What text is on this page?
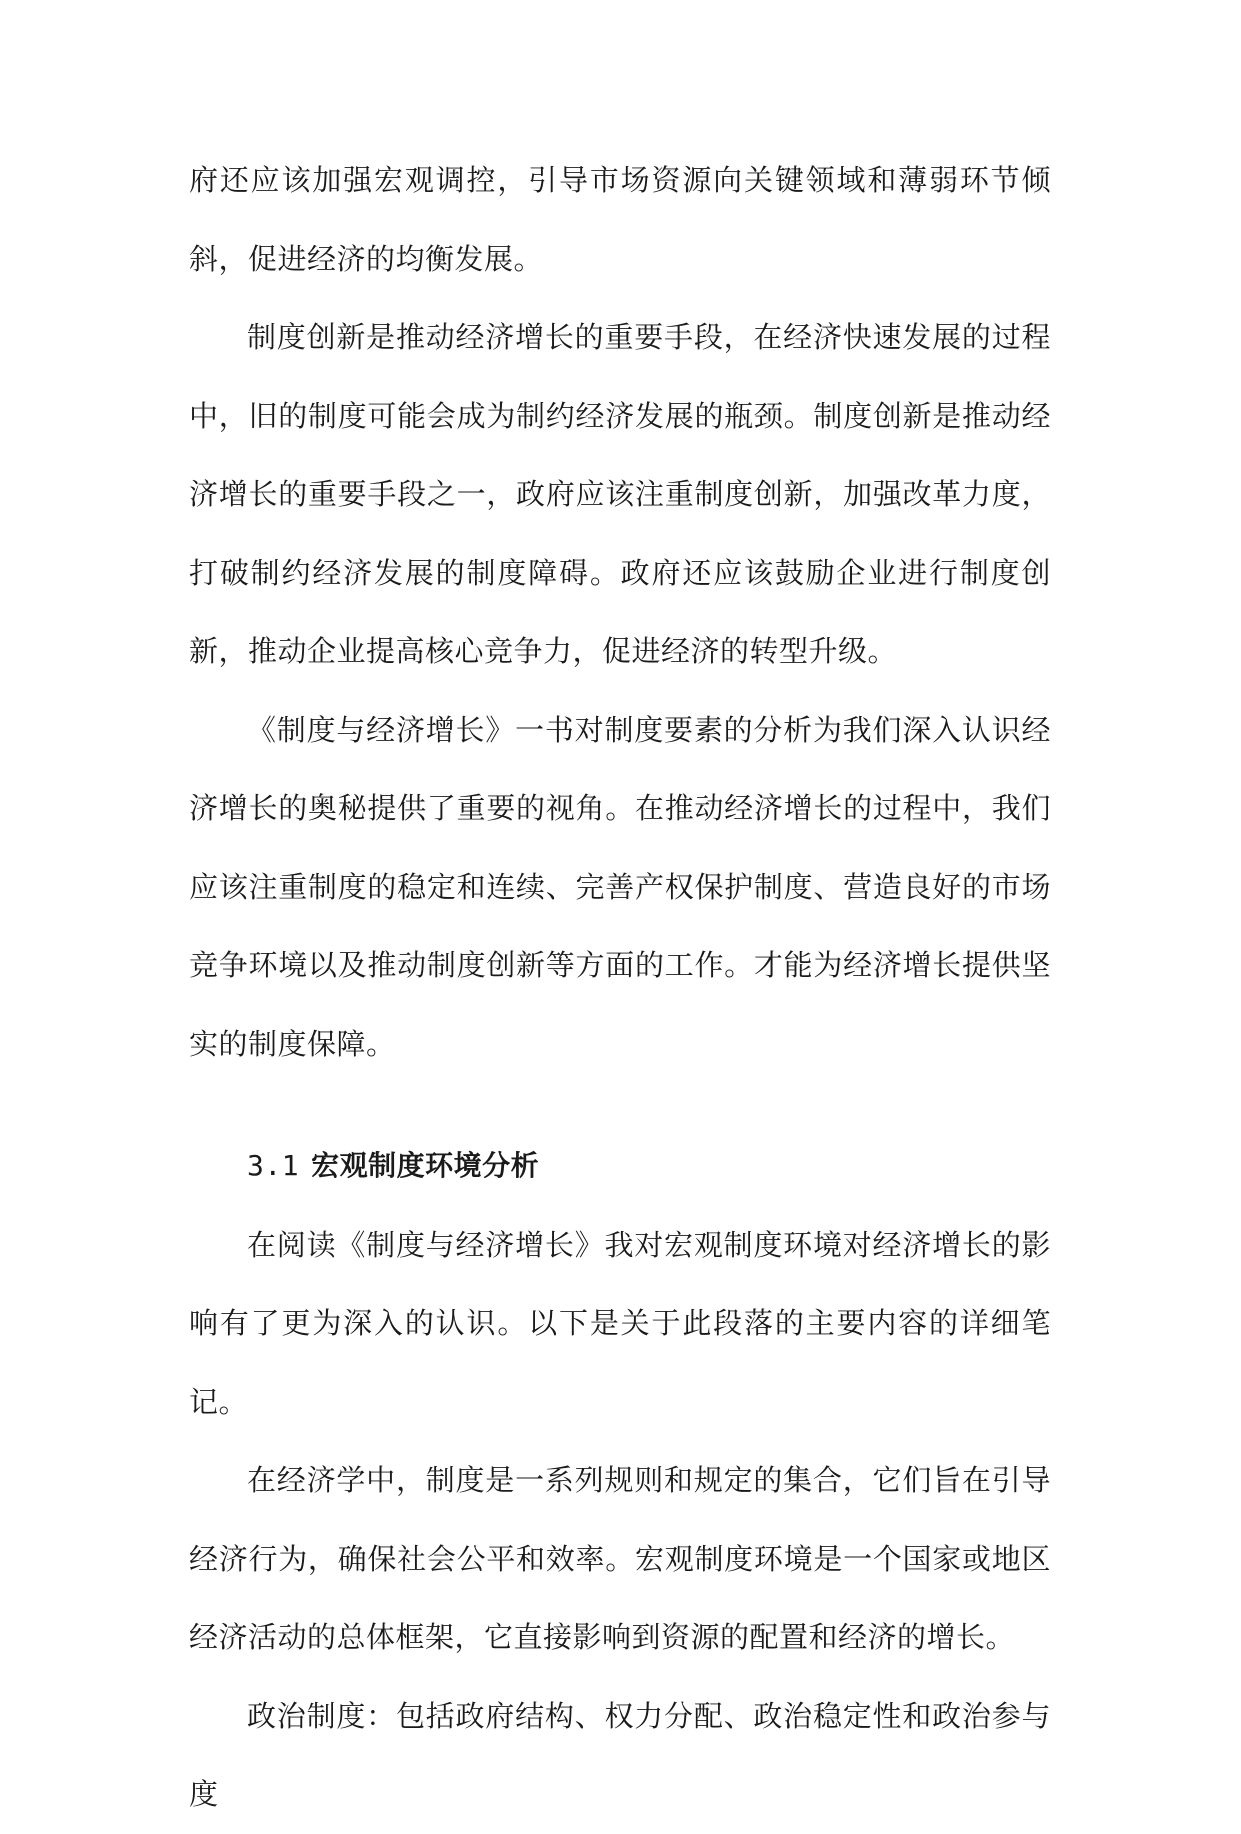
府还应该加强宏观调控，引导市场资源向关键领域和薄弱环节倾斜，促进经济的均衡发展。

制度创新是推动经济增长的重要手段，在经济快速发展的过程中，旧的制度可能会成为制约经济发展的瓶颈。制度创新是推动经济增长的重要手段之一，政府应该注重制度创新，加强改革力度，打破制约经济发展的制度障碍。政府还应该鼓励企业进行制度创新，推动企业提高核心竞争力，促进经济的转型升级。

《制度与经济增长》一书对制度要素的分析为我们深入认识经济增长的奥秘提供了重要的视角。在推动经济增长的过程中，我们应该注重制度的稳定和连续、完善产权保护制度、营造良好的市场竞争环境以及推动制度创新等方面的工作。才能为经济增长提供坚实的制度保障。

3.1 宏观制度环境分析

在阅读《制度与经济增长》我对宏观制度环境对经济增长的影响有了更为深入的认识。以下是关于此段落的主要内容的详细笔记。

在经济学中，制度是一系列规则和规定的集合，它们旨在引导经济行为，确保社会公平和效率。宏观制度环境是一个国家或地区经济活动的总体框架，它直接影响到资源的配置和经济的增长。

政治制度：包括政府结构、权力分配、政治稳定性和政治参与度
